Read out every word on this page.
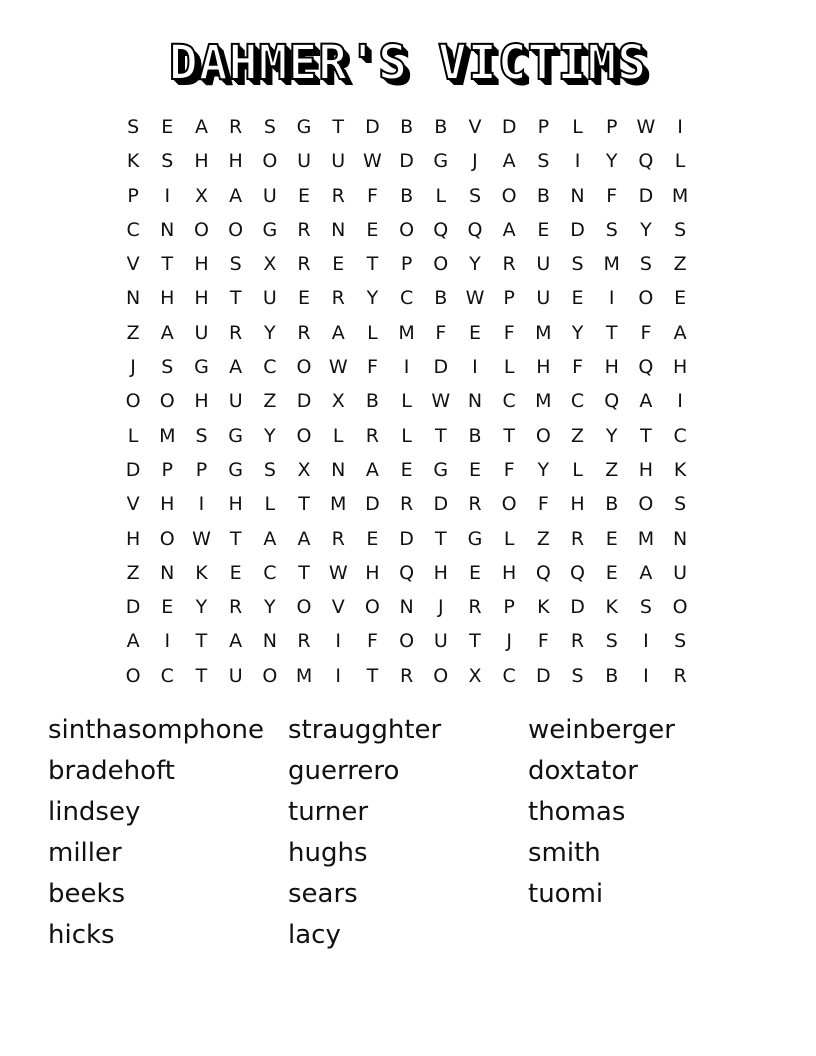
DAHMER'S VICTIMS
S	E	A	R	S	G	T	D	B	B	V	D	P	L	P	W	I
K	S	H	H	O	U	U W D	G	J	A	S	I	Y	Q	L
P	I	X	A	U	E	R	F	B	L	S	O	B	N	F	D M
C	N	O	O	G	R	N	E	O	Q	Q	A	E	D	S	Y	S
V	T	H	S	X	R	E	T	P	O	Y	R	U	S	M	S	Z
N	H	H	T	U	E	R	Y	C	B W	P	U	E	I	O	E
Z	A	U	R	Y	R	A	L	M	F	E	F	M	Y	T	F	A
J	S	G	A	C	O W	F	I	D	I	L	H	F	H	Q	H
O	O	H	U	Z	D	X	B	L	W N	C	M	C	Q	A	I
L	M	S	G	Y	O	L	R	L	T	B	T	O	Z	Y	T	C
D	P	P	G	S	X	N	A	E	G	E	F	Y	L	Z	H	K
V	H	I	H	L	T	M D	R	D	R	O	F	H	B	O	S
H	O W T	A	A	R	E	D	T	G	L	Z	R	E	M N
Z	N	K	E	C	T W H	Q	H	E	H	Q	Q	E	A	U
D	E	Y	R	Y	O	V	O	N	J	R	P	K	D	K	S	O
A	I	T	A	N	R	I	F	O	U	T	J	F	R	S	I	S
O	C	T	U	O M	I	T	R	O	X	C	D	S	B	I	R
sinthasomphone
bradehoft
lindsey
miller
beeks
hicks
straugghter
guerrero
turner
hughs
sears
lacy
weinberger
doxtator
thomas
smith
tuomi
